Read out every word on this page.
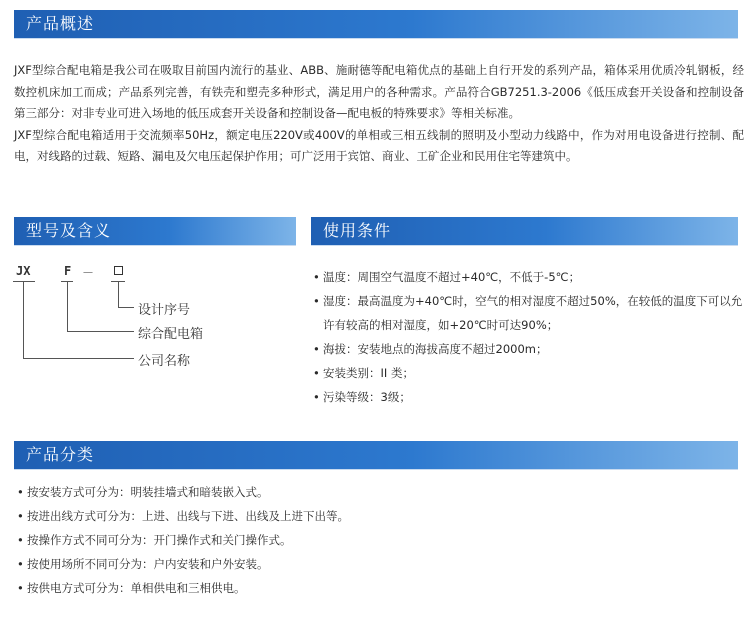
产品概述

JXF型综合配电箱是我公司在吸取目前国内流行的基业、ABB、施耐德等配电箱优点的基础上自行开发的系列产品，箱体采用优质冷轧钢板，经数控机床加工而成；产品系列完善，有铁壳和塑壳多种形式，满足用户的各种需求。产品符合GB7251.3-2006《低压成套开关设备和控制设备第三部分：对非专业可进入场地的低压成套开关设备和控制设备—配电板的特殊要求》等相关标准。

JXF型综合配电箱适用于交流频率50Hz，额定电压220V或400V的单相或三相五线制的照明及小型动力线路中，作为对用电设备进行控制、配电，对线路的过载、短路、漏电及欠电压起保护作用；可广泛用于宾馆、商业、工矿企业和民用住宅等建筑中。

型号及含义	使用条件
JX	F －
设计序号
综合配电箱
公司名称
• 温度：周围空气温度不超过+40℃，不低于-5℃；
• 湿度：最高温度为+40℃时，空气的相对湿度不超过50%，在较低的温度下可以允许有较高的相对湿度，如+20℃时可达90%；
• 海拔：安装地点的海拔高度不超过2000m；
• 安装类别：II 类；
• 污染等级：3级；
产品分类
• 按安装方式可分为：明装挂墙式和暗装嵌入式。
• 按进出线方式可分为：上进、出线与下进、出线及上进下出等。
• 按操作方式不同可分为：开门操作式和关门操作式。
• 按使用场所不同可分为：户内安装和户外安装。
• 按供电方式可分为：单相供电和三相供电。
